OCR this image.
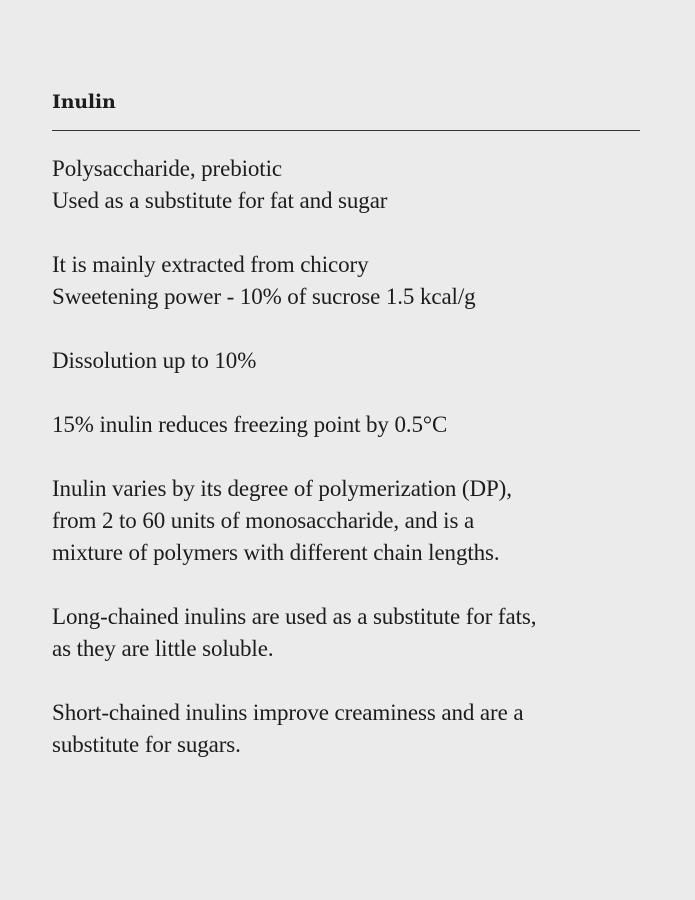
Inulin
Polysaccharide, prebiotic
Used as a substitute for fat and sugar
It is mainly extracted from chicory
Sweetening power - 10% of sucrose 1.5 kcal/g
Dissolution up to 10%
15% inulin reduces freezing point by 0.5°C
Inulin varies by its degree of polymerization (DP),
from 2 to 60 units of monosaccharide, and is a
mixture of polymers with different chain lengths.
Long-chained inulins are used as a substitute for fats,
as they are little soluble.
Short-chained inulins improve creaminess and are a
substitute for sugars.
